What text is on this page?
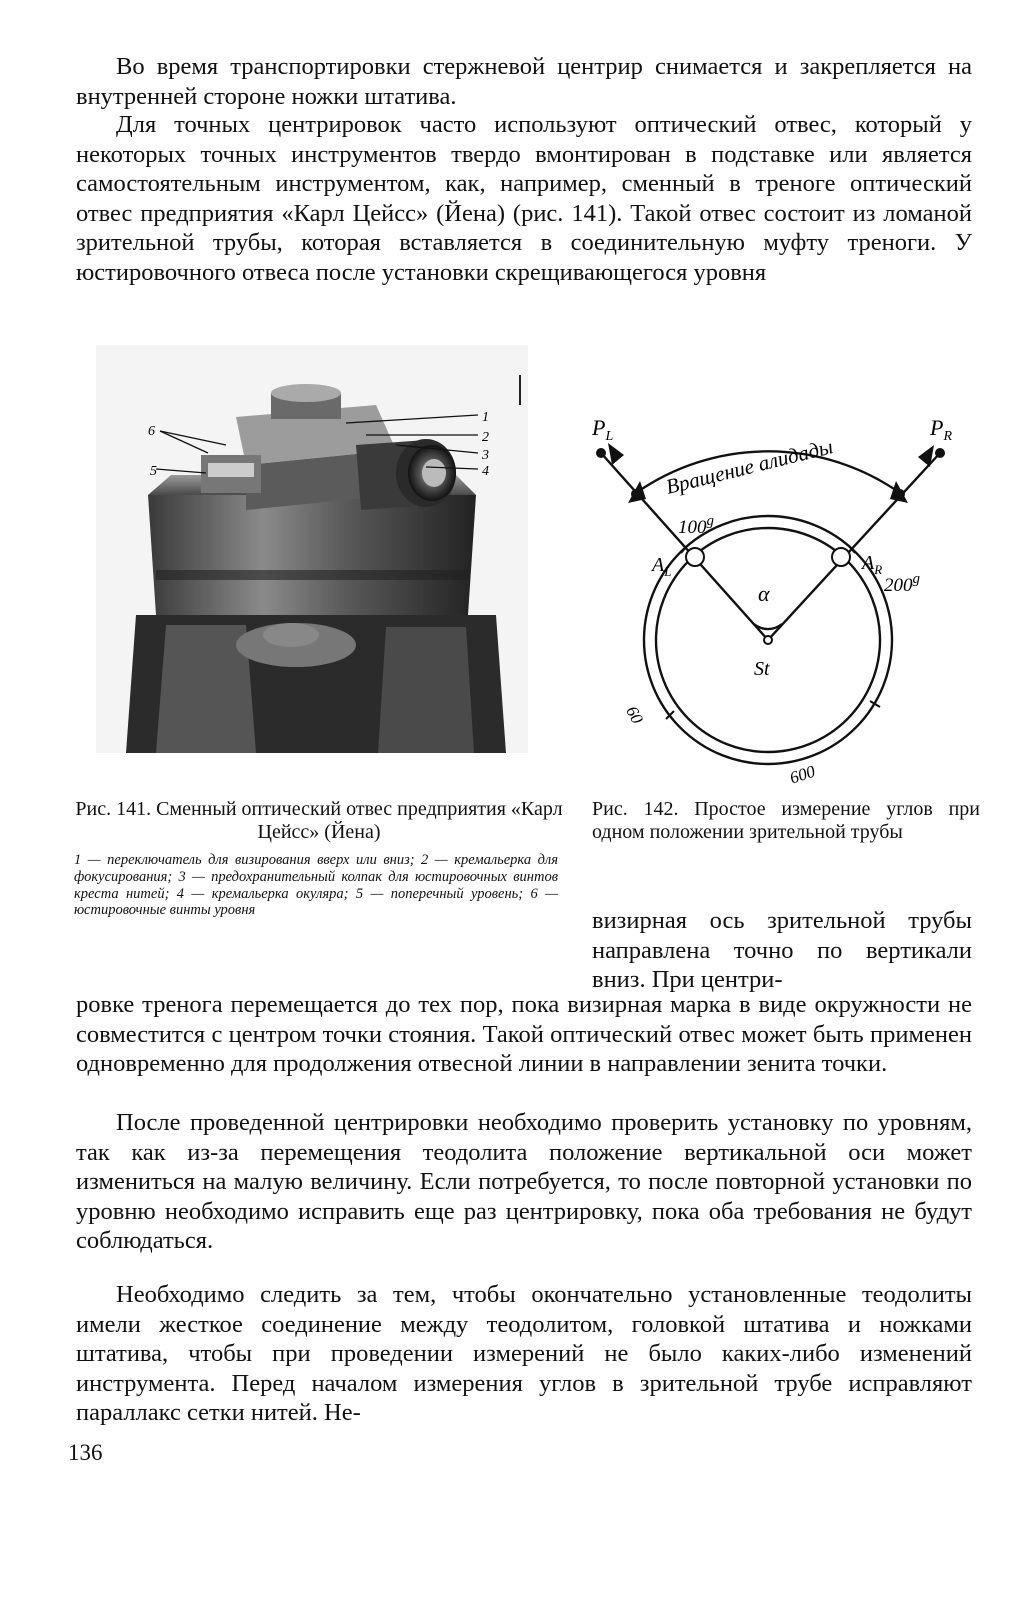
Во время транспортировки стержневой центрир снимается и закрепляется на внутренней стороне ножки штатива.

Для точных центрировок часто используют оптический отвес, который у некоторых точных инструментов твердо вмонтирован в подставке или является самостоятельным инструментом, как, например, сменный в треноге оптический отвес предприятия «Карл Цейсс» (Йена) (рис. 141). Такой отвес состоит из ломаной зрительной трубы, которая вставляется в соединительную муфту треноги. У юстировочного отвеса после установки скрещивающегося уровня

1
2
3
4
5
6	$P_L$	$P_R$
Вращение алидады
100$^g$
$A_L$	$A_R$
200$^g$
α
St
60
600

Рис. 141. Сменный оптический отвес предприятия «Карл Цейсс» (Йена)

Рис. 142. Простое измерение углов при одном положении зрительной трубы

1 — переключатель для визирования вверх или вниз; 2 — кремальерка для фокусирования; 3 — предохранительный колпак для юстировочных винтов креста нитей; 4 — кремальерка окуляра; 5 — поперечный уровень; 6 — юстировочные винты уровня	визирная ось зрительной трубы направлена точно по вертикали вниз. При центри-

ровке тренога перемещается до тех пор, пока визирная марка в виде окружности не совместится с центром точки стояния. Такой оптический отвес может быть применен одновременно для продолжения отвесной линии в направлении зенита точки.

После проведенной центрировки необходимо проверить установку по уровням, так как из-за перемещения теодолита положение вертикальной оси может измениться на малую величину. Если потребуется, то после повторной установки по уровню необходимо исправить еще раз центрировку, пока оба требования не будут соблюдаться.

Необходимо следить за тем, чтобы окончательно установленные теодолиты имели жесткое соединение между теодолитом, головкой штатива и ножками штатива, чтобы при проведении измерений не было каких-либо изменений инструмента. Перед началом измерения углов в зрительной трубе исправляют параллакс сетки нитей. Не-

136
